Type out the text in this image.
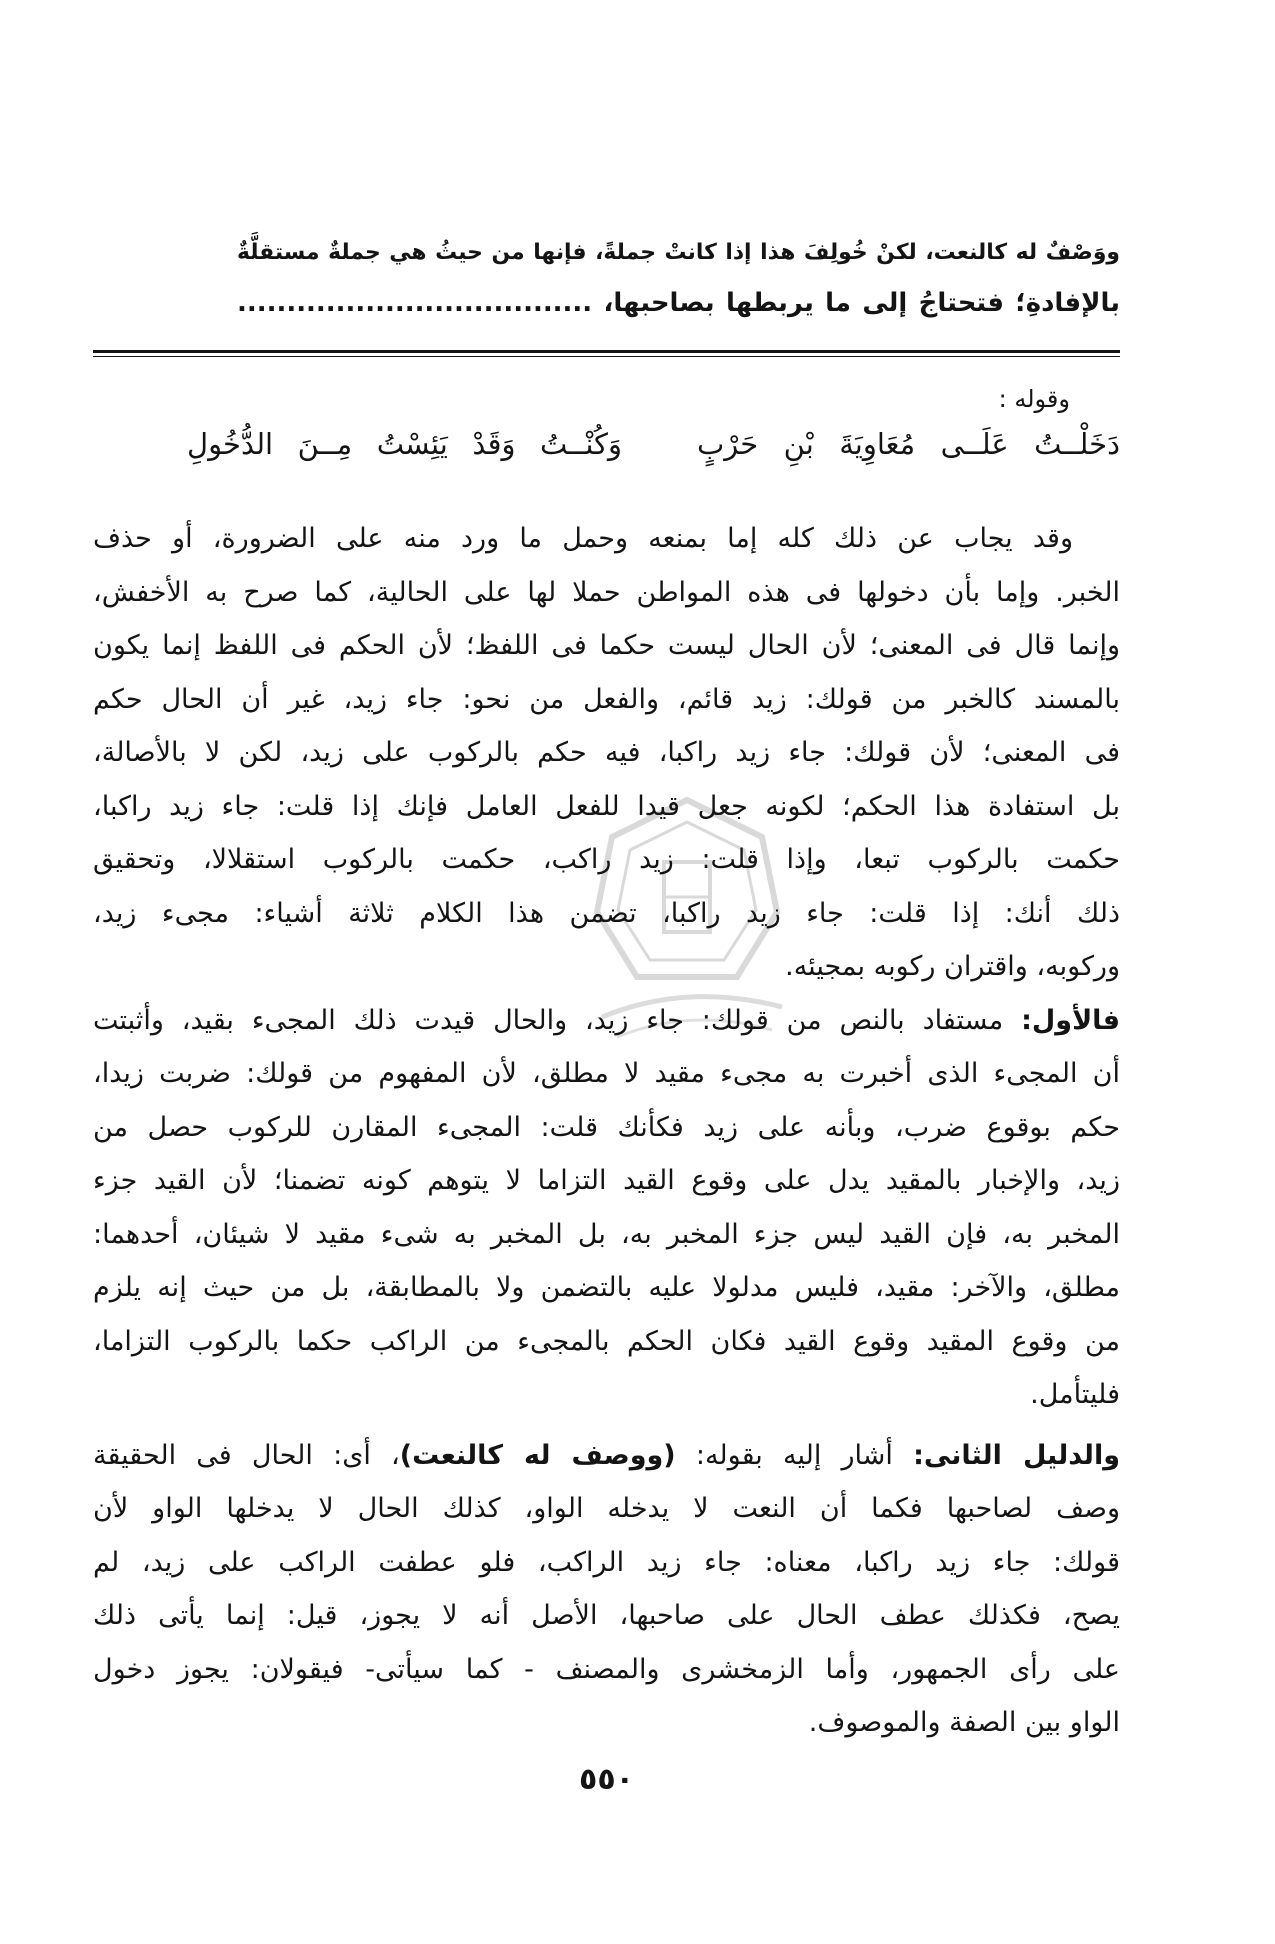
ووَصْفٌ له كالنعت، لكنْ خُولِفَ هذا إذا كانتْ جملةً، فإنها من حيثُ هي جملةٌ مستقلَّةٌ
بالإفادةِ؛ فتحتاجُ إلى ما يربطها بصاحبها، ....................................
وقوله :
دَخَلْــتُ عَلَــى مُعَاوِيَةَ بْنِ حَرْبٍ
وَكُنْــتُ وَقَدْ يَئِسْتُ مِــنَ الدُّخُولِ
وقد يجاب عن ذلك كله إما بمنعه وحمل ما ورد منه على الضرورة، أو حذف
الخبر. وإما بأن دخولها فى هذه المواطن حملا لها على الحالية، كما صرح به الأخفش،
وإنما قال فى المعنى؛ لأن الحال ليست حكما فى اللفظ؛ لأن الحكم فى اللفظ إنما يكون
بالمسند كالخبر من قولك: زيد قائم، والفعل من نحو: جاء زيد، غير أن الحال حكم
فى المعنى؛ لأن قولك: جاء زيد راكبا، فيه حكم بالركوب على زيد، لكن لا بالأصالة،
بل استفادة هذا الحكم؛ لكونه جعل قيدا للفعل العامل فإنك إذا قلت: جاء زيد راكبا،
حكمت بالركوب تبعا، وإذا قلت: زيد راكب، حكمت بالركوب استقلالا، وتحقيق
ذلك أنك: إذا قلت: جاء زيد راكبا، تضمن هذا الكلام ثلاثة أشياء: مجىء زيد،
وركوبه، واقتران ركوبه بمجيئه.
فالأول: مستفاد بالنص من قولك: جاء زيد، والحال قيدت ذلك المجىء بقيد، وأثبتت
أن المجىء الذى أخبرت به مجىء مقيد لا مطلق، لأن المفهوم من قولك: ضربت زيدا،
حكم بوقوع ضرب، وبأنه على زيد فكأنك قلت: المجىء المقارن للركوب حصل من
زيد، والإخبار بالمقيد يدل على وقوع القيد التزاما لا يتوهم كونه تضمنا؛ لأن القيد جزء
المخبر به، فإن القيد ليس جزء المخبر به، بل المخبر به شىء مقيد لا شيئان، أحدهما:
مطلق، والآخر: مقيد، فليس مدلولا عليه بالتضمن ولا بالمطابقة، بل من حيث إنه يلزم
من وقوع المقيد وقوع القيد فكان الحكم بالمجىء من الراكب حكما بالركوب التزاما،
فليتأمل.
والدليل الثانى: أشار إليه بقوله: (ووصف له كالنعت)، أى: الحال فى الحقيقة
وصف لصاحبها فكما أن النعت لا يدخله الواو، كذلك الحال لا يدخلها الواو لأن
قولك: جاء زيد راكبا، معناه: جاء زيد الراكب، فلو عطفت الراكب على زيد، لم
يصح، فكذلك عطف الحال على صاحبها، الأصل أنه لا يجوز، قيل: إنما يأتى ذلك
على رأى الجمهور، وأما الزمخشرى والمصنف - كما سيأتى- فيقولان: يجوز دخول
الواو بين الصفة والموصوف.
٥٥٠
